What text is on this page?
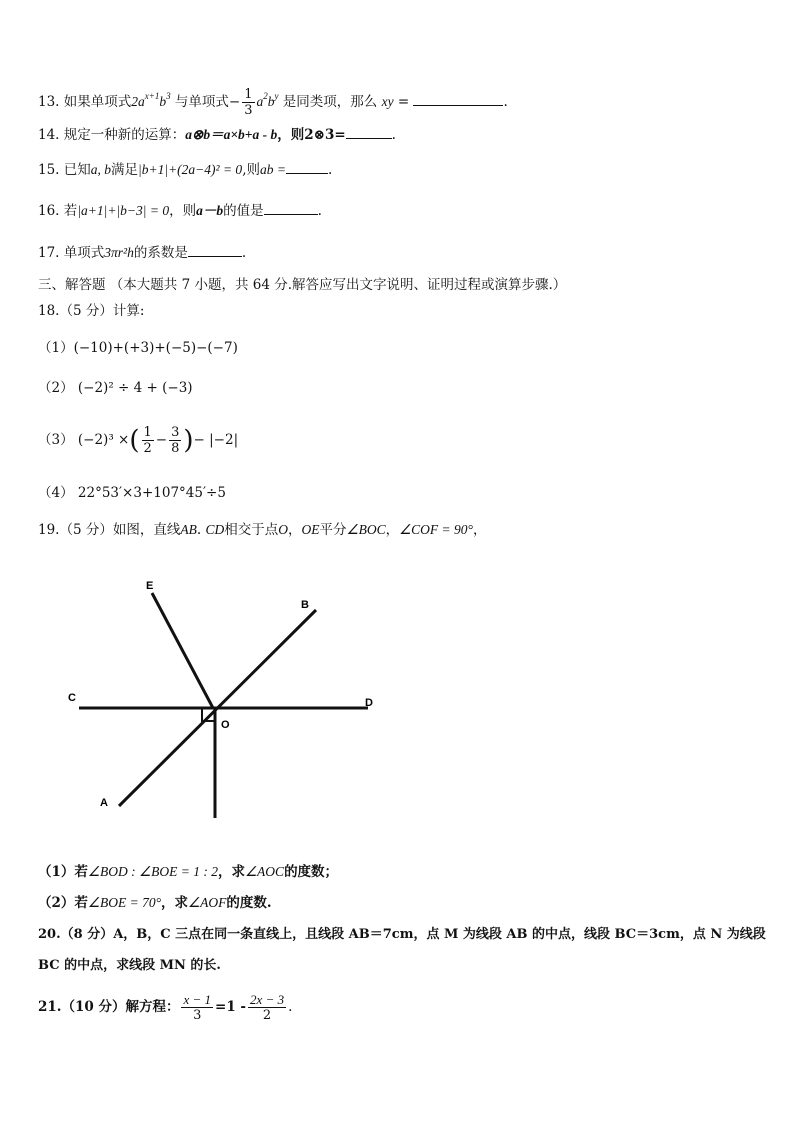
13. 如果单项式$2a^{x+1}b^3$ 与单项式− $\frac{1}{3} a^2b^y$ 是同类项，那么 xy =	.
14. 规定一种新的运算：a⊗b＝a×b+a - b，则2⊗3=	.
15. 已知a, b满足|b+1|+(2a−4)² = 0,则ab =	.
16. 若|a+1|+|b−3| = 0，则a－b的值是	.
17. 单项式3πr²h的系数是	.
三、解答题 （本大题共 7 小题，共 64 分.解答应写出文字说明、证明过程或演算步骤.）
18.（5 分）计算:
（1）(−10)+(+3)+(−5)−(−7)
（2） (−2)² ÷ 4 + (−3)
（3） (−2)³ ×( $\frac{1}{2} - \frac{3}{8}$ )− |−2|
（4） 22°53′×3+107°45′÷5
19.（5 分）如图，直线AB. CD相交于点O，OE平分∠BOC，∠COF = 90°，
E
B
C	D
O
A
（1）若∠BOD : ∠BOE = 1 : 2，求∠AOC的度数；
（2）若∠BOE = 70°，求∠AOF的度数.
20.（8 分）A，B，C 三点在同一条直线上，且线段 AB＝7cm，点 M 为线段 AB 的中点，线段 BC＝3cm，点 N 为线段
BC 的中点，求线段 MN 的长.
21.（10 分）解方程： $\frac{x - 1}{3} =1 - \frac{2x - 3}{2}$ .
